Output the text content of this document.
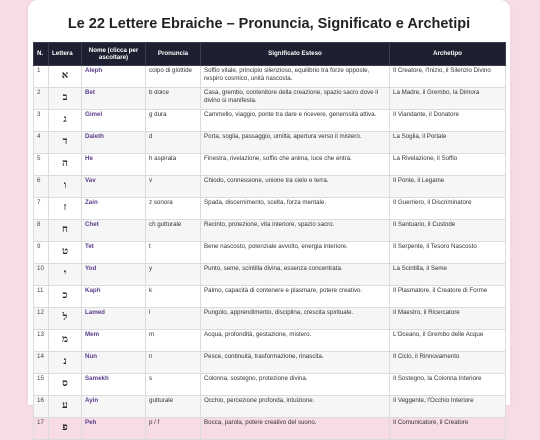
Le 22 Lettere Ebraiche – Pronuncia, Significato e Archetipi
N.	Lettera	Nome (clicca per ascoltare)	Pronuncia	Significato Esteso	Archetipo
1	א	Aleph	colpo di glottide	Soffio vitale, principio silenzioso, equilibrio tra forze opposte, respiro cosmico, unità nascosta.	Il Creatore, l'Inizio, il Silenzio Divino
2	ב	Bet	b dolce	Casa, grembo, contenitore della creazione, spazio sacro dove il divino si manifesta.	La Madre, il Grembo, la Dimora
3	ג	Gimel	g dura	Cammello, viaggio, ponte tra dare e ricevere, generosità attiva.	Il Viandante, il Donatore
4	ד	Daleth	d	Porta, soglia, passaggio, umiltà, apertura verso il mistero.	La Soglia, il Portale
5	ה	He	h aspirata	Finestra, rivelazione, soffio che anima, luce che entra.	La Rivelazione, il Soffio
6	ו	Vav	v	Chiodo, connessione, unione tra cielo e terra.	Il Ponte, il Legame
7	ז	Zain	z sonora	Spada, discernimento, scelta, forza mentale.	Il Guerriero, il Discriminatore
8	ח	Chet	ch gutturale	Recinto, protezione, vita interiore, spazio sacro.	Il Santuario, il Custode
9	ט	Tet	t	Bene nascosto, potenziale avvolto, energia interiore.	Il Serpente, il Tesoro Nascosto
10	י	Yod	y	Punto, seme, scintilla divina, essenza concentrata.	La Scintilla, il Seme
11	כ	Kaph	k	Palmo, capacità di contenere e plasmare, potere creativo.	Il Plasmatore, il Creatore di Forme
12	ל	Lamed	l	Pungolo, apprendimento, disciplina, crescita spirituale.	Il Maestro, il Ricercatore
13	מ	Mem	m	Acqua, profondità, gestazione, mistero.	L'Oceano, il Grembo delle Acque
14	נ	Nun	n	Pesce, continuità, trasformazione, rinascita.	Il Ciclo, il Rinnovamento
15	ס	Samekh	s	Colonna, sostegno, protezione divina.	Il Sostegno, la Colonna Interiore
16	ע	Ayin	gutturale	Occhio, percezione profonda, intuizione.	Il Veggente, l'Occhio Interiore
17	פ	Peh	p / f	Bocca, parola, potere creativo del suono.	Il Comunicatore, il Creatore
